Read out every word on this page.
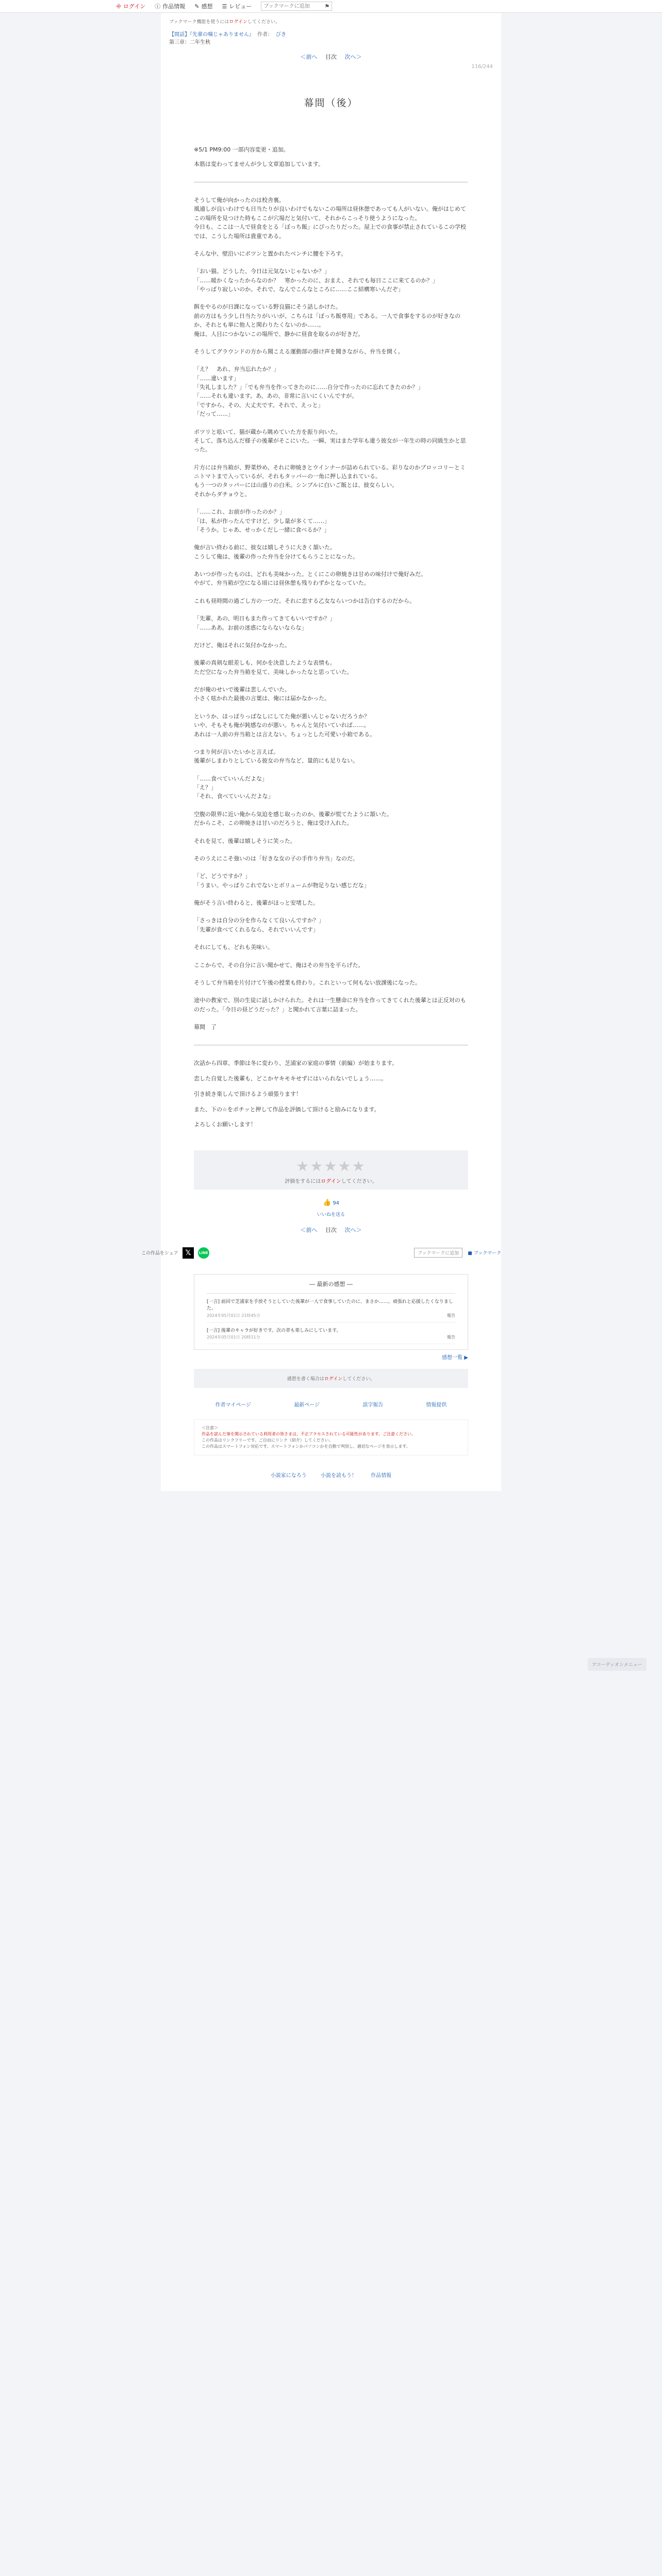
⎆ ログイン ⓘ 作品情報 ✎ 感想 ☰ レビュー
ブックマークに追加	⚑
ブックマーク機能を使うにはログインしてください。
【間話】『先輩の噛じゃありません』 作者： びき
第三章：二年生秋
＜前へ 目次 次へ＞
116/244
幕間（後）

※5/1 PM9:00 一部内容変更・追加。

本筋は変わってませんが少し文章追加しています。

そうして俺が向かったのは校舎裏。

風通しが良いわけでも日当たりが良いわけでもないこの場所は昼休憩であっても人がいない。俺がはじめてこの場所を見つけた時もここが穴場だと気付いて、それからこっそり使うようになった。

今日も、ここは一人で昼食をとる「ぼっち飯」にぴったりだった。屋上での食事が禁止されているこの学校では、こうした場所は貴重である。

そんな中、壁沿いにポツンと置かれたベンチに腰を下ろす。

「おい猫。どうした、今日は元気ないじゃないか？」

「……暖かくなったからなのか？　寒かったのに、おまえ、それでも毎日ここに来てるのか？」

「やっぱり寂しいのか。それで、なんでこんなところに……ここ結構寒いんだぞ」

餌をやるのが日課になっている野良猫にそう話しかけた。

前の方はもう少し日当たりがいいが、こちらは「ぼっち飯専用」である。一人で食事をするのが好きなのか、それとも単に他人と関わりたくないのか……。

俺は、人目につかないこの場所で、静かに昼食を取るのが好きだ。

そうしてグラウンドの方から聞こえる運動部の掛け声を聞きながら、弁当を開く。

「え？　あれ、弁当忘れたか？」

「……違います」

「失礼しました？」「でも弁当を作ってきたのに……自分で作ったのに忘れてきたのか？」

「……それも違います。あ、あの、非常に言いにくいんですが。

「ですから、その、大丈夫です。それで、えっと」

「だって……」

ポツリと呟いて、猫が蔵から眺めていた方を振り向いた。

そして、落ち込んだ様子の後輩がそこにいた。一瞬、実はまた学年も違う彼女が一年生の時の同級生かと思った。

片方には弁当箱が、野菜炒め、それに卵焼きとウインナーが詰められている。彩りなのかブロッコリーとミニトマトまで入っているが、それもタッパーの一角に押し込まれている。

もう一つのタッパーには山盛りの白米。シンプルに白いご飯とは、彼女らしい。

それからダチョウと。

「……これ、お前が作ったのか？」

「は、私が作ったんですけど、少し量が多くて……」

「そうか。じゃあ、せっかくだし一緒に食べるか？」

俺が言い終わる前に、彼女は嬉しそうに大きく頷いた。

こうして俺は、後輩の作った弁当を分けてもらうことになった。

あいつが作ったものは、どれも美味かった。とくにこの卵焼きは甘めの味付けで俺好みだ。

やがて、弁当箱が空になる頃には昼休憩も残りわずかとなっていた。

これも昼時間の過ごし方の一つだ。それに恋する乙女ならいつかは告白するのだから。

「先輩、あの、明日もまた作ってきてもいいですか？」

「……ああ。お前の迷惑にならないならな」

だけど、俺はそれに気付かなかった。

後輩の真剣な眼差しも、何かを決意したような表情も。

ただ空になった弁当箱を見て、美味しかったなと思っていた。

だが俺のせいで後輩は悲しんでいた。

小さく呟かれた最後の言葉は、俺には届かなかった。

というか、ほっぽりっぱなしにしてた俺が悪いんじゃないだろうか？

いや、そもそも俺が鈍感なのが悪い。ちゃんと気付いていれば……。

あれは一人前の弁当箱とは言えない。ちょっとした可愛い小箱である。

つまり何が言いたいかと言えば。

後輩がしまわりとしている彼女の弁当など、量的にも足りない。

「……食べていいんだよな」

「え？」

「それ、食べていいんだよな」

空腹の限界に近い俺から気迫を感じ取ったのか、後輩が慌てたように頷いた。

だからこそ、この卵焼きは甘いのだろうと、俺は受け入れた。

それを見て、後輩は嬉しそうに笑った。

そのうえにこそ強いのは「好きな女の子の手作り弁当」なのだ。

「ど、どうですか？」

「うまい。やっぱりこれでないとボリュームが物足りない感じだな」

俺がそう言い終わると、後輩がほっと安堵した。

「さっきは自分の分を作らなくて良いんですか？」

「先輩が食べてくれるなら、それでいいんです」

それにしても、どれも美味い。

ここからで、その自分に言い聞かせて、俺はその弁当を平らげた。

そうして弁当箱を片付けて午後の授業も終わり。これといって何もない放課後になった。

途中の教室で、別の生徒に話しかけられた。それは一生懸命に弁当を作ってきてくれた後輩とは正反対のものだった。「今日の昼どうだった？」と聞かれて言葉に詰まった。

幕間　了

次話から四章、季節は冬に変わり、芝浦家の家庭の事情（前編）が始まります。

恋した自覚した後輩も、どこかヤキモキせずにはいられないでしょう……。

引き続き楽しんで頂けるよう頑張ります！

また、下の☆をポチッと押して作品を評価して頂けると励みになります。

よろしくお願いします！

★★★★★
評価をするにはログインしてください。
👍 94
いいねを送る
＜前へ 目次 次へ＞
この作品をシェア 𝕏	LINE	ブックマークに追加	■ ブックマーク
― 最新の感想 ―
[一言] 前回で芝浦家を手放そうとしていた後輩が一人で食事していたのに、まさか……。頑張れと応援したくなりました。
2024年05月01日 21時45分	報告
[一言] 後輩のキャラが好きです。次の章も楽しみにしています。
2024年05月01日 20時11分	報告
感想一覧 ▶
感想を書く場合はログインしてください。
作者マイページ	最新ページ	誤字報告	情報提供
＜注意＞
作品を読んだ事を開示されている利用者の皆さまは、不正アクセスされている可能性があります。ご注意ください。
この作品はリンクフリーです。ご自由にリンク（紹介）してください。
この作品はスマートフォン対応です。スマートフォンかパソコンかを自動で判別し、適切なページを表示します。
小説家になろう	小説を読もう！	作品情報
アコーディオンメニュー
